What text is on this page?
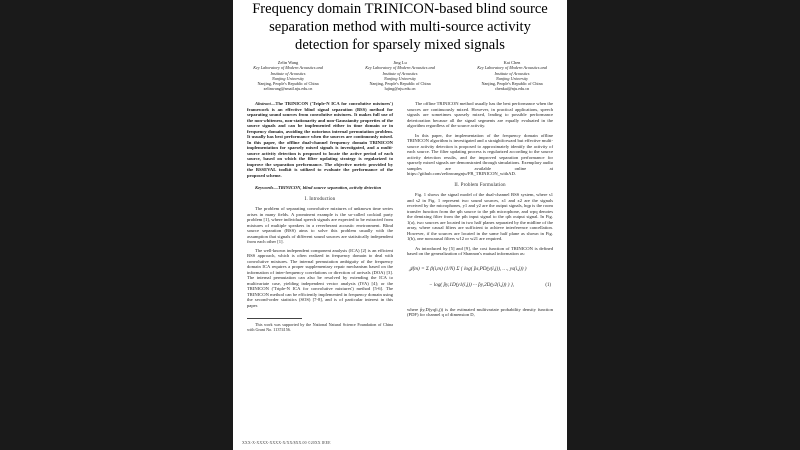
Frequency domain TRINICON-based blind source
separation method with multi-source activity
detection for sparsely mixed signals
Zelin Wang
Key Laboratory of Modern Acoustics and
Institute of Acoustics
Nanjing University
Nanjing, People's Republic of China
zelinwang@smail.nju.edu.cn
Jing Lu
Key Laboratory of Modern Acoustics and
Institute of Acoustics
Nanjing University
Nanjing, People's Republic of China
lujing@nju.edu.cn
Kai Chen
Key Laboratory of Modern Acoustics and
Institute of Acoustics
Nanjing University
Nanjing, People's Republic of China
chenkai@nju.edu.cn

Abstract—The TRINICON ('Triple-N ICA for convolutive mixtures') framework is an effective blind signal separation (BSS) method for separating sound sources from convolutive mixtures. It makes full use of the non-whiteness, non-stationarity and non-Gaussianity properties of the source signals and can be implemented either in time domain or in frequency domain, avoiding the notorious internal permutation problem. It usually has best performance when the sources are continuously mixed. In this paper, the offline dual-channel frequency domain TRINICON implementation for sparsely mixed signals is investigated, and a multi-source activity detection is proposed to locate the active period of each source, based on which the filter updating strategy is regularized to improve the separation performance. The objective metric provided by the BSSEVAL toolkit is utilized to evaluate the performance of the proposed scheme.

Keywords—TRINICON, blind source separation, activity detection

I. Introduction

The problem of separating convolutive mixtures of unknown time series arises in many fields. A prominent example is the so-called cocktail party problem [1], where individual speech signals are expected to be extracted from mixtures of multiple speakers in a reverberant acoustic environment. Blind source separation (BSS) aims to solve this problem usually with the assumption that signals of different sound sources are statistically independent from each other [1].

The well-known independent component analysis (ICA) [2] is an efficient BSS approach, which is often realized in frequency domain to deal with convolutive mixtures. The internal permutation ambiguity of the frequency domain ICA requires a proper supplementary repair mechanism based on the information of inter-frequency correlations or direction of arrivals (DOA) [3]. The internal permutation can also be resolved by extending the ICA to multivariate case, yielding independent vector analysis (IVA) [4]; or the TRINICON ('Triple-N ICA for convolutive mixtures') method [5-6]. The TRINICON method can be efficiently implemented in frequency domain using the second-order statistics (SOS) [7-8], and is of particular interest in this paper.

This work was supported by the National Natural Science Foundation of China with Grant No. 11374156.

The offline TRINICON method usually has the best performance when the sources are continuously mixed. However, in practical applications, speech signals are sometimes sparsely mixed, leading to possible performance deterioration because all the signal segments are equally evaluated in the algorithm regardless of the source activity.

In this paper, the implementation of the frequency domain offline TRINICON algorithm is investigated and a straightforward but effective multi-source activity detection is proposed to approximately identify the activity of each source. The filter updating process is regularized according to the source activity detection results, and the improved separation performance for sparsely mixed signals are demonstrated through simulations. Exemplary audio samples are available online at https://github.com/zelinwangnju/FB_TRINICON_withAD.

II. Problem Formulation

Fig. 1 shows the signal model of the dual-channel BSS system, where s1 and s2 in Fig. 1 represent two sound sources, x1 and x2 are the signals received by the microphones, y1 and y2 are the output signals, hqp is the room transfer function from the qth source to the pth microphone, and wpq denotes the demixing filter from the pth input signal to the qth output signal. In Fig. 1(a), two sources are located in two half planes separated by the midline of the array, where causal filters are sufficient to achieve interference cancellation. However, if the sources are located in the same half plane as shown in Fig. 1(b), one noncausal filters w12 or w21 are required.

As introduced by [5] and [9], the cost function of TRINICON is defined based on the generalization of Shannon's mutual information as:

𝒥(m) = Σ β(i,m) (1/N) Σ { log( p̂s,PD(y(i,j)), …, ys(i,j)) )
− log( p̂y,1D(y1(i,j)) ··· p̂y,2D(y2(i,j)) ) },	(1)

where p̂y,D(yq(i,j)) is the estimated multivariate probability density function (PDF) for channel q of dimension D,

XXX-X-XXXX-XXXX-X/XX/$XX.00 ©20XX IEEE
